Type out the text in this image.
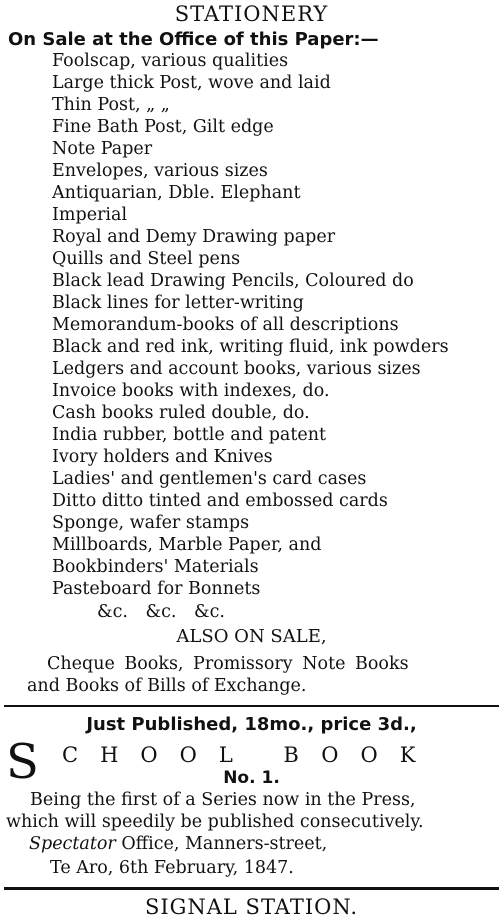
STATIONERY
On Sale at the Office of this Paper:—
Foolscap, various qualities
Large thick Post, wove and laid
Thin Post, „ „
Fine Bath Post, Gilt edge
Note Paper
Envelopes, various sizes
Antiquarian, Dble. Elephant
Imperial
Royal and Demy Drawing paper
Quills and Steel pens
Black lead Drawing Pencils, Coloured do
Black lines for letter-writing
Memorandum-books of all descriptions
Black and red ink, writing fluid, ink powders
Ledgers and account books, various sizes
Invoice books with indexes, do.
Cash books ruled double, do.
India rubber, bottle and patent
Ivory holders and Knives
Ladies' and gentlemen's card cases
Ditto ditto tinted and embossed cards
Sponge, wafer stamps
Millboards, Marble Paper, and
Bookbinders' Materials
Pasteboard for Bonnets
&c. &c. &c.
ALSO ON SALE,
Cheque Books, Promissory Note Books
and Books of Bills of Exchange.
Just Published, 18mo., price 3d.,
S CHOOL BOOK
No. 1.
Being the first of a Series now in the Press,
which will speedily be published consecutively.
Spectator Office, Manners-street,
Te Aro, 6th February, 1847.
SIGNAL STATION.
